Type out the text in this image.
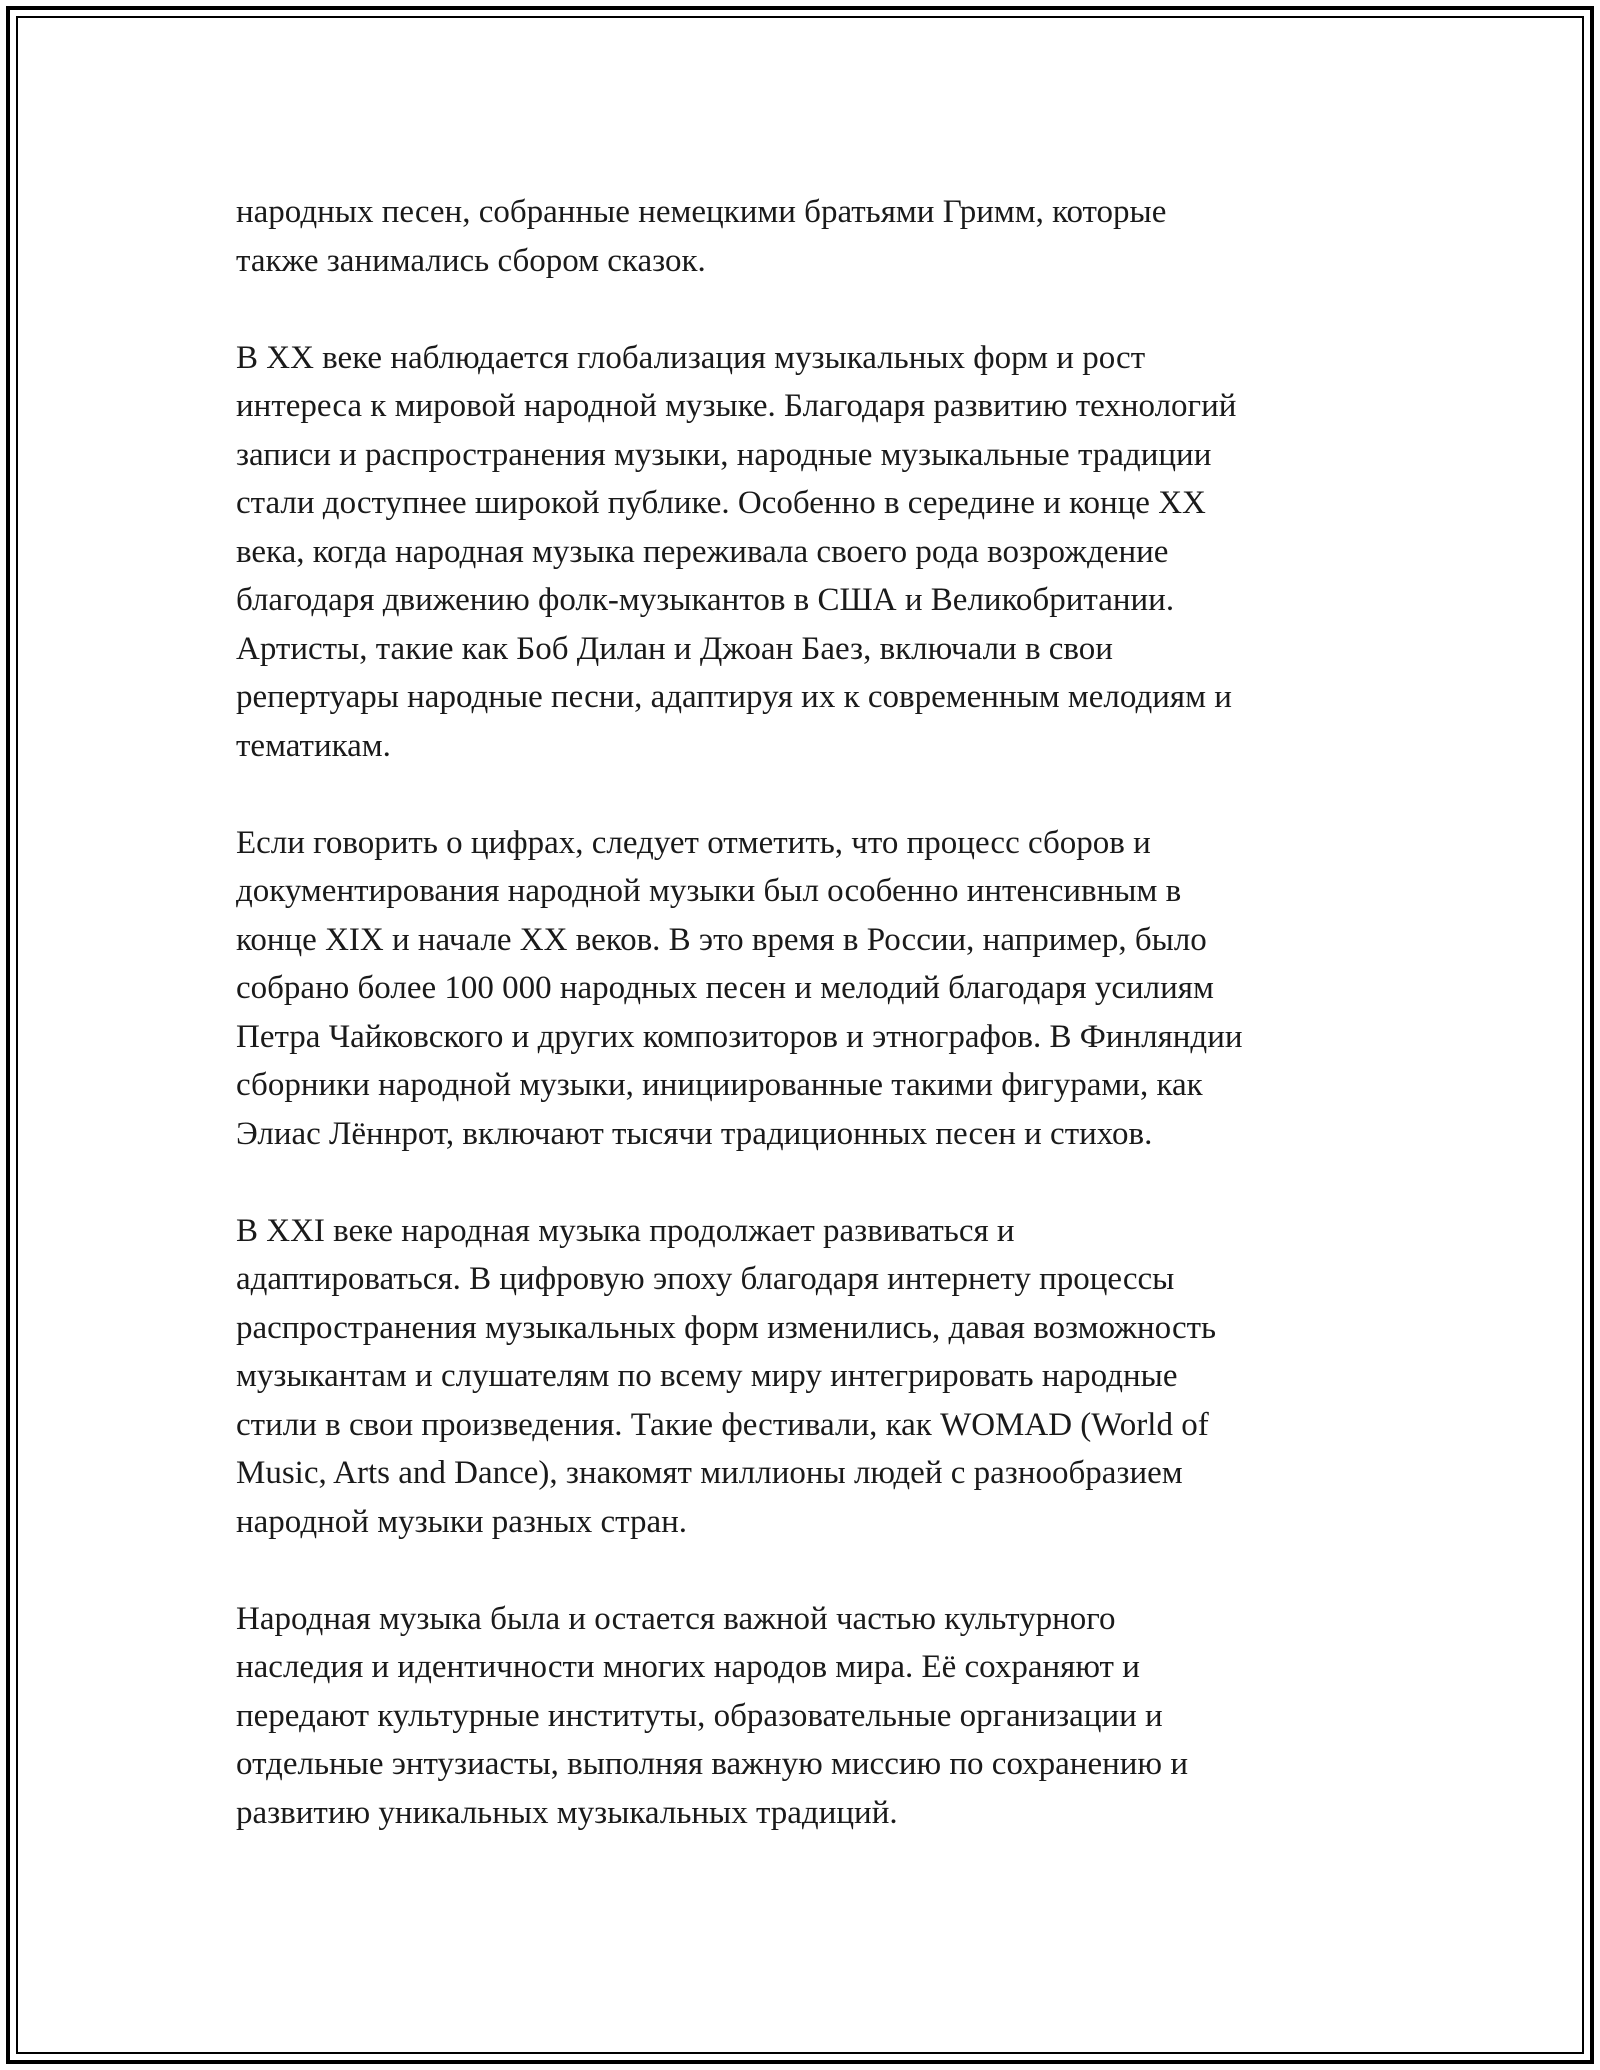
народных песен, собранные немецкими братьями Гримм, которые
также занимались сбором сказок.

В XX веке наблюдается глобализация музыкальных форм и рост
интереса к мировой народной музыке. Благодаря развитию технологий
записи и распространения музыки, народные музыкальные традиции
стали доступнее широкой публике. Особенно в середине и конце XX
века, когда народная музыка переживала своего рода возрождение
благодаря движению фолк-музыкантов в США и Великобритании.
Артисты, такие как Боб Дилан и Джоан Баез, включали в свои
репертуары народные песни, адаптируя их к современным мелодиям и
тематикам.

Если говорить о цифрах, следует отметить, что процесс сборов и
документирования народной музыки был особенно интенсивным в
конце XIX и начале XX веков. В это время в России, например, было
собрано более 100 000 народных песен и мелодий благодаря усилиям
Петра Чайковского и других композиторов и этнографов. В Финляндии
сборники народной музыки, инициированные такими фигурами, как
Элиас Лённрот, включают тысячи традиционных песен и стихов.

В XXI веке народная музыка продолжает развиваться и
адаптироваться. В цифровую эпоху благодаря интернету процессы
распространения музыкальных форм изменились, давая возможность
музыкантам и слушателям по всему миру интегрировать народные
стили в свои произведения. Такие фестивали, как WOMAD (World of
Music, Arts and Dance), знакомят миллионы людей с разнообразием
народной музыки разных стран.

Народная музыка была и остается важной частью культурного
наследия и идентичности многих народов мира. Её сохраняют и
передают культурные институты, образовательные организации и
отдельные энтузиасты, выполняя важную миссию по сохранению и
развитию уникальных музыкальных традиций.
